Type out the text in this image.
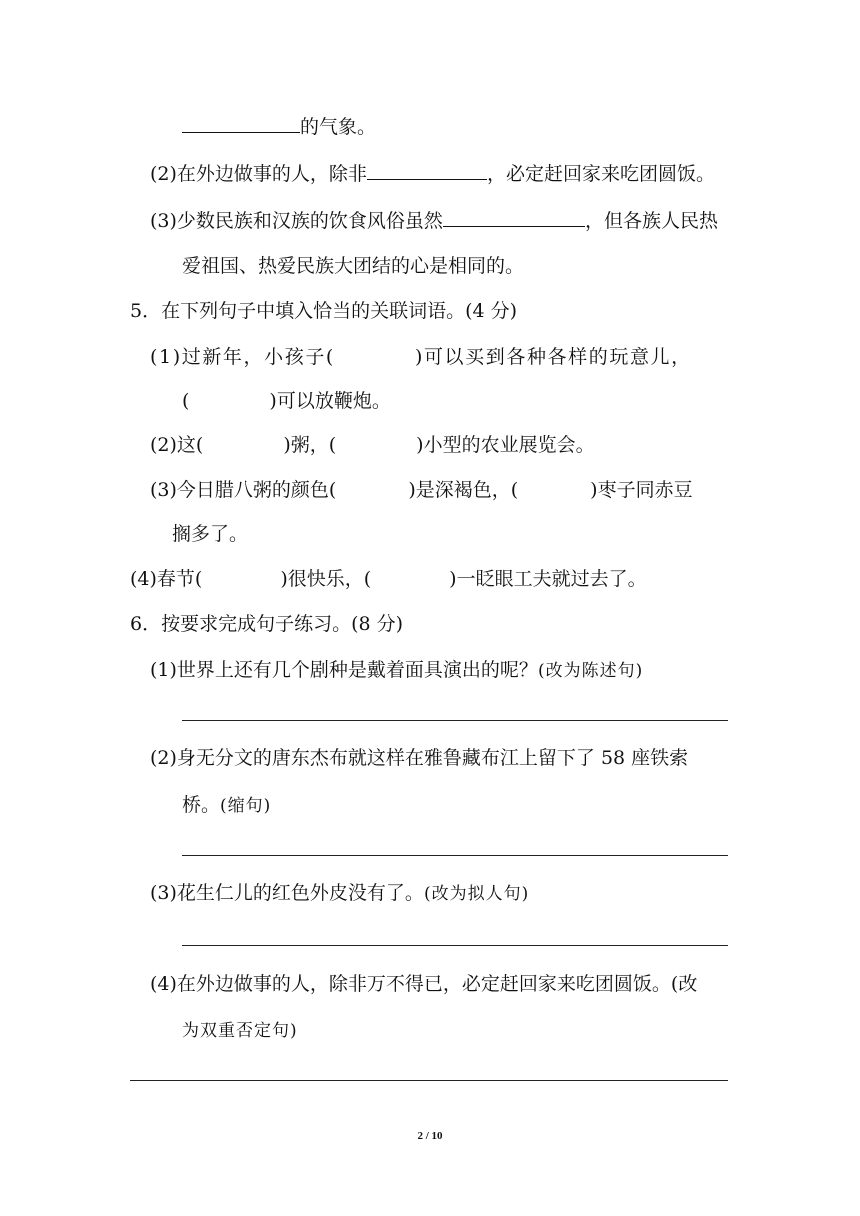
的气象。
(2)在外边做事的人，除非	，必定赶回家来吃团圆饭。
(3)少数民族和汉族的饮食风俗虽然	，但各族人民热
爱祖国、热爱民族大团结的心是相同的。
5．在下列句子中填入恰当的关联词语。(4 分)
(1)过新年，小孩子(	)可以买到各种各样的玩意儿，
(	)可以放鞭炮。
(2)这(	)粥，(	)小型的农业展览会。
(3)今日腊八粥的颜色(	)是深褐色，(	)枣子同赤豆
搁多了。
(4)春节(	)很快乐，(	)一眨眼工夫就过去了。
6．按要求完成句子练习。(8 分)
(1)世界上还有几个剧种是戴着面具演出的呢？(改为陈述句)
(2)身无分文的唐东杰布就这样在雅鲁藏布江上留下了 58 座铁索
桥。(缩句)
(3)花生仁儿的红色外皮没有了。(改为拟人句)
(4)在外边做事的人，除非万不得已，必定赶回家来吃团圆饭。(改
为双重否定句)
2 / 10
